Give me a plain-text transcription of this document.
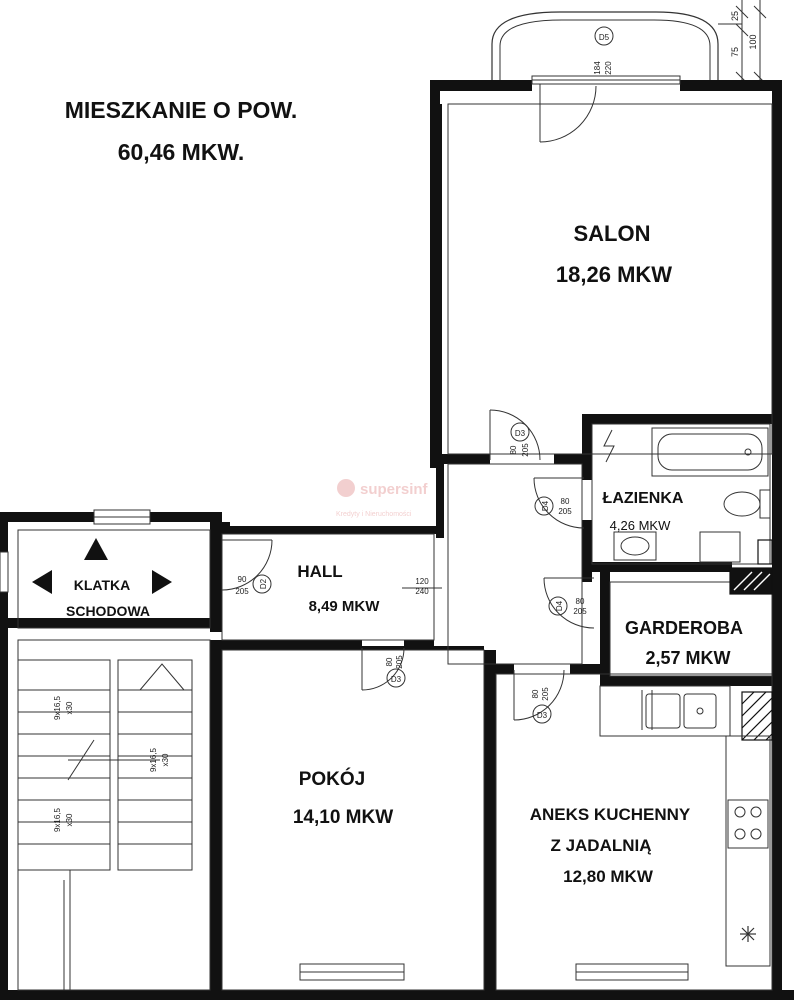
MIESZKANIE O POW.
60,46 MKW.
25
75
100
D5
184 220
D3
80 205
D4 80
205
D2
90
205
120
240
D4 80
205
D3
80 205
D3
80 205
9x16,5 x30
9x16,5 x30
9x16,5 x30
supersinf
Kredyty i Nieruchomości
SALON
18,26 MKW
ŁAZIENKA
4,26 MKW
HALL
8,49 MKW
GARDEROBA
2,57 MKW
POKÓJ
14,10 MKW	ANEKS KUCHENNY
Z JADALNIĄ
12,80 MKW
KLATKA
SCHODOWA
